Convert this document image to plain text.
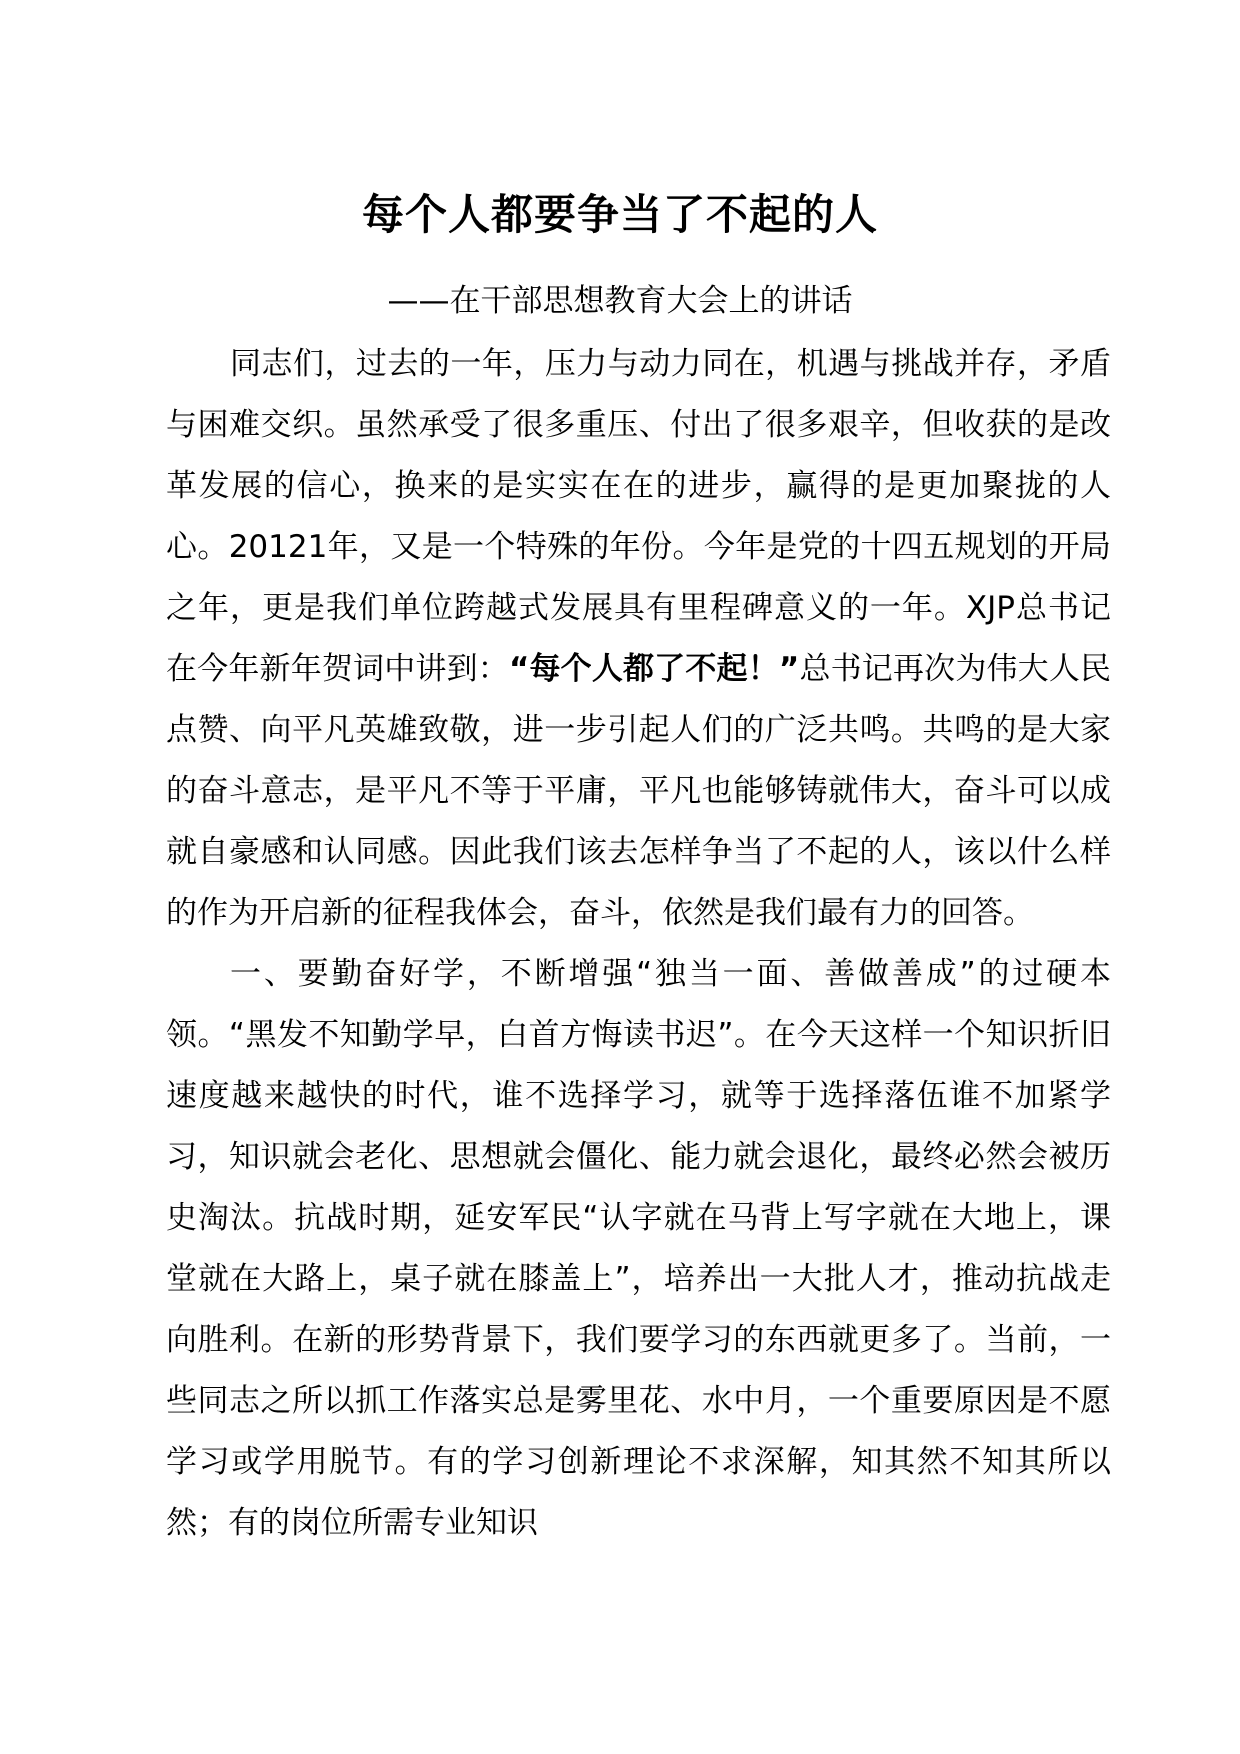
每个人都要争当了不起的人
——在干部思想教育大会上的讲话

同志们，过去的一年，压力与动力同在，机遇与挑战并存，矛盾与困难交织。虽然承受了很多重压、付出了很多艰辛，但收获的是改革发展的信心，换来的是实实在在的进步，赢得的是更加聚拢的人心。20121年，又是一个特殊的年份。今年是党的十四五规划的开局之年，更是我们单位跨越式发展具有里程碑意义的一年。XJP总书记在今年新年贺词中讲到：“每个人都了不起！”总书记再次为伟大人民点赞、向平凡英雄致敬，进一步引起人们的广泛共鸣。共鸣的是大家的奋斗意志，是平凡不等于平庸，平凡也能够铸就伟大，奋斗可以成就自豪感和认同感。因此我们该去怎样争当了不起的人，该以什么样的作为开启新的征程我体会，奋斗，依然是我们最有力的回答。

一、要勤奋好学，不断增强“独当一面、善做善成”的过硬本领。“黑发不知勤学早，白首方悔读书迟”。在今天这样一个知识折旧速度越来越快的时代，谁不选择学习，就等于选择落伍谁不加紧学习，知识就会老化、思想就会僵化、能力就会退化，最终必然会被历史淘汰。抗战时期，延安军民“认字就在马背上写字就在大地上，课堂就在大路上，桌子就在膝盖上”，培养出一大批人才，推动抗战走向胜利。在新的形势背景下，我们要学习的东西就更多了。当前，一些同志之所以抓工作落实总是雾里花、水中月，一个重要原因是不愿学习或学用脱节。有的学习创新理论不求深解，知其然不知其所以然；有的岗位所需专业知识
